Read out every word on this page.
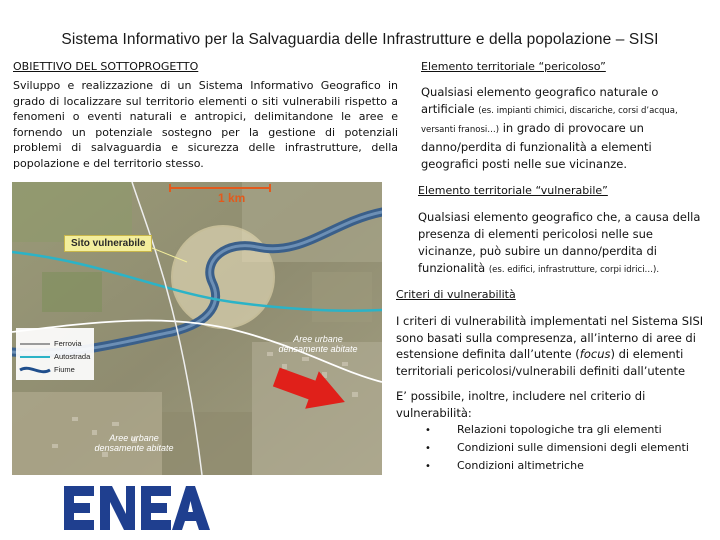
Sistema Informativo per la Salvaguardia delle Infrastrutture e della popolazione – SISI
OBIETTIVO DEL SOTTOPROGETTO
Sviluppo e realizzazione di un Sistema Informativo Geografico in grado di localizzare sul territorio elementi o siti vulnerabili rispetto a fenomeni o eventi naturali e antropici, delimitandone le aree e fornendo un potenziale sostegno per la gestione di potenziali problemi di salvaguardia e sicurezza delle infrastrutture, della popolazione e del territorio stesso.
1 km
Sito vulnerabile
Ferrovia
Autostrada
Fiume
Aree urbane densamente abitate
Aree urbane densamente abitate
Elemento territoriale “pericoloso”
Qualsiasi elemento geografico naturale o artificiale (es. impianti chimici, discariche, corsi d’acqua, versanti franosi…) in grado di provocare un danno/perdita di funzionalità a elementi geografici posti nelle sue vicinanze.
Elemento territoriale “vulnerabile”
Qualsiasi elemento geografico che, a causa della presenza di elementi pericolosi nelle sue vicinanze, può subire un danno/perdita di funzionalità (es. edifici, infrastrutture, corpi idrici…).
Criteri di vulnerabilità
I criteri di vulnerabilità implementati nel Sistema SISI sono basati sulla compresenza, all’interno di aree di estensione definita dall’utente (focus) di elementi territoriali pericolosi/vulnerabili definiti dall’utente
E’ possibile, inoltre, includere nel criterio di vulnerabilità:
• Relazioni topologiche tra gli elementi
• Condizioni sulle dimensioni degli elementi
• Condizioni altimetriche
